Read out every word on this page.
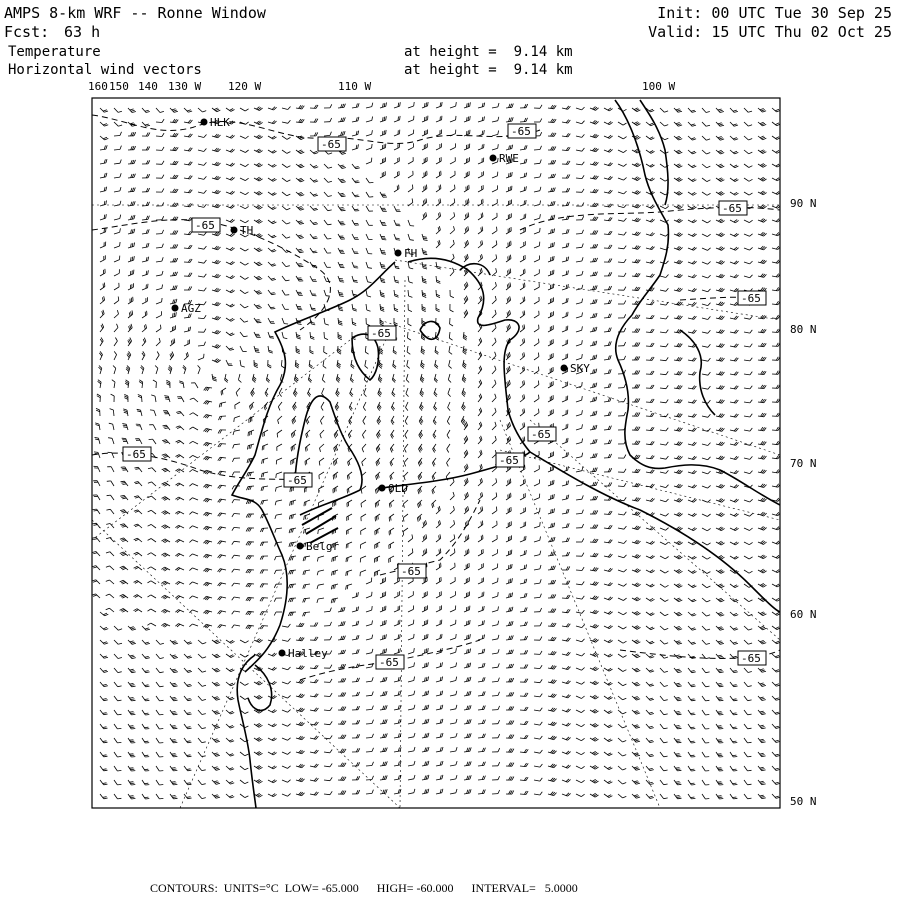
AMPS 8-km WRF -- Ronne Window
Fcst: 63 h
Temperature
Horizontal wind vectors
at height =  9.14 km
at height =  9.14 km
Init: 00 UTC Tue 30 Sep 25
Valid: 15 UTC Thu 02 Oct 25
HLK
RWE
TH
FH
AGZ
SKY
OLD
Belgr
Halley
-65
-65
-65
-65
-65
-65
-65
-65
-65
-65
-65
-65	-65
160 150 140 130 W 120 W	110 W	100 W
90 N
80 N
70 N
60 N
50 N
CONTOURS:  UNITS=°C  LOW= -65.000      HIGH= -60.000      INTERVAL=   5.0000
